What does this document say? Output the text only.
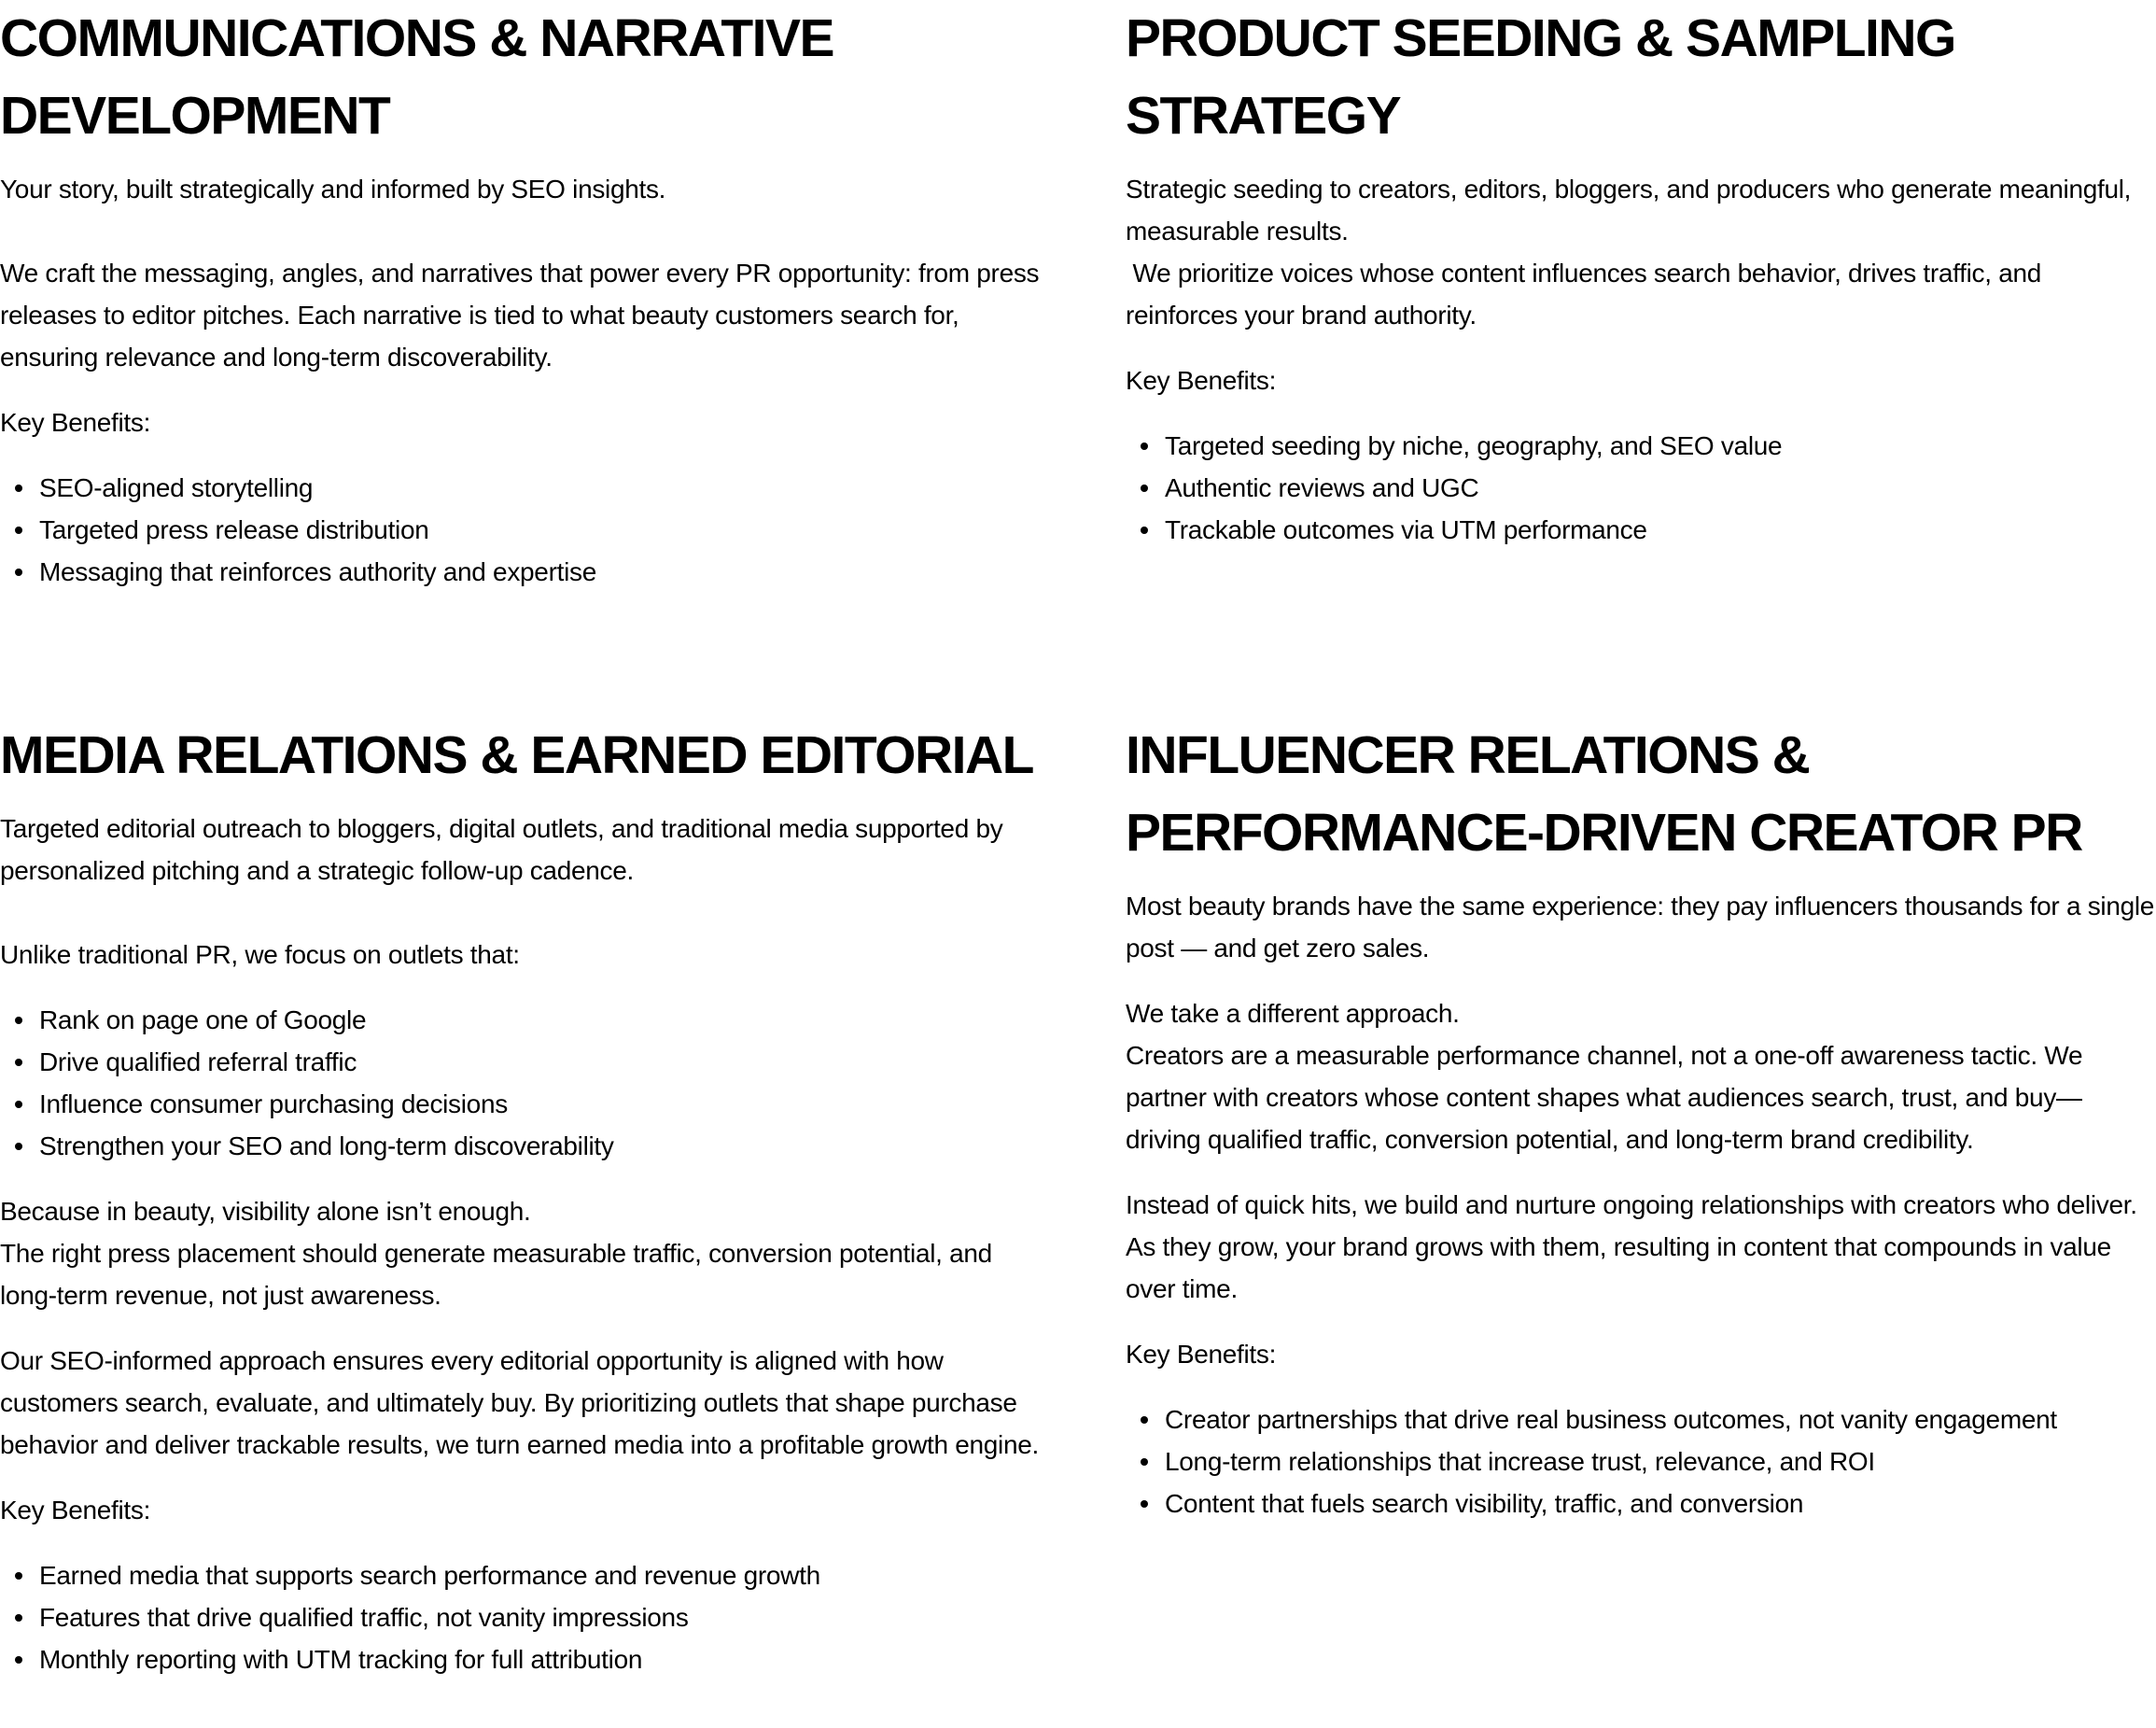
COMMUNICATIONS & NARRATIVE DEVELOPMENT

Your story, built strategically and informed by SEO insights.

We craft the messaging, angles, and narratives that power every PR opportunity: from press releases to editor pitches. Each narrative is tied to what beauty customers search for, ensuring relevance and long-term discoverability.

Key Benefits:

SEO-aligned storytelling
Targeted press release distribution
Messaging that reinforces authority and expertise
PRODUCT SEEDING & SAMPLING STRATEGY

Strategic seeding to creators, editors, bloggers, and producers who generate meaningful, measurable results.

We prioritize voices whose content influences search behavior, drives traffic, and reinforces your brand authority.

Key Benefits:

Targeted seeding by niche, geography, and SEO value
Authentic reviews and UGC
Trackable outcomes via UTM performance
MEDIA RELATIONS & EARNED EDITORIAL

Targeted editorial outreach to bloggers, digital outlets, and traditional media supported by personalized pitching and a strategic follow-up cadence.

Unlike traditional PR, we focus on outlets that:

Rank on page one of Google
Drive qualified referral traffic
Influence consumer purchasing decisions
Strengthen your SEO and long-term discoverability

Because in beauty, visibility alone isn’t enough.

The right press placement should generate measurable traffic, conversion potential, and long-term revenue, not just awareness.

Our SEO-informed approach ensures every editorial opportunity is aligned with how customers search, evaluate, and ultimately buy. By prioritizing outlets that shape purchase behavior and deliver trackable results, we turn earned media into a profitable growth engine.

Key Benefits:

Earned media that supports search performance and revenue growth
Features that drive qualified traffic, not vanity impressions
Monthly reporting with UTM tracking for full attribution
INFLUENCER RELATIONS & PERFORMANCE-DRIVEN CREATOR PR

Most beauty brands have the same experience: they pay influencers thousands for a single post — and get zero sales.

We take a different approach.

Creators are a measurable performance channel, not a one-off awareness tactic. We partner with creators whose content shapes what audiences search, trust, and buy—driving qualified traffic, conversion potential, and long-term brand credibility.

Instead of quick hits, we build and nurture ongoing relationships with creators who deliver. As they grow, your brand grows with them, resulting in content that compounds in value over time.

Key Benefits:

Creator partnerships that drive real business outcomes, not vanity engagement
Long-term relationships that increase trust, relevance, and ROI
Content that fuels search visibility, traffic, and conversion
